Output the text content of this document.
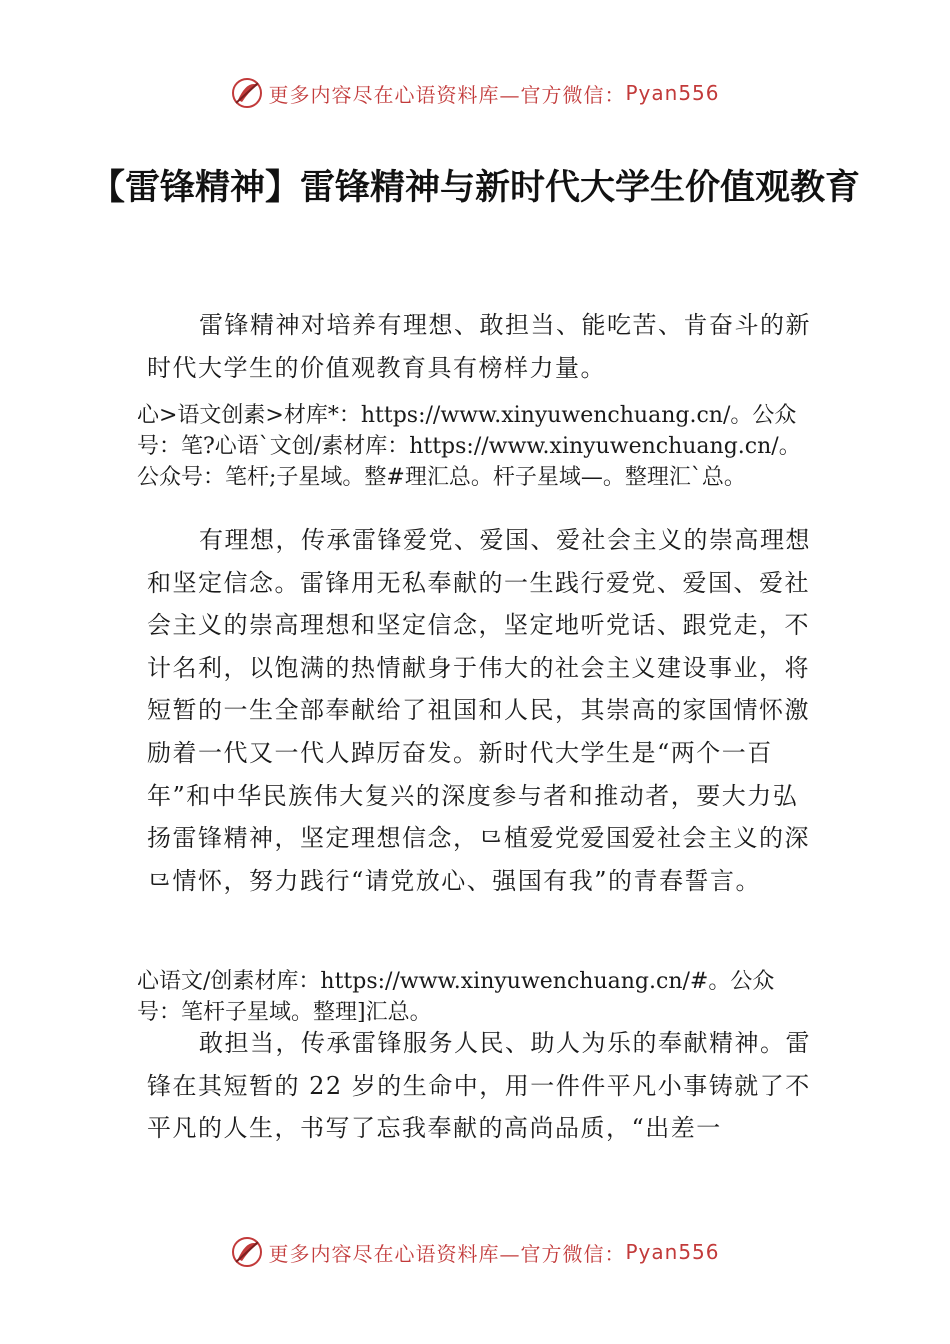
更多内容尽在心语资料库—官方微信： Pyan556
【雷锋精神】雷锋精神与新时代大学生价值观教育
雷锋精神对培养有理想、敢担当、能吃苦、肯奋斗的新时代大学生的价值观教育具有榜样力量。
心>语文创素>材库*：https://www.xinyuwenchuang.cn/。公众号：笔?心语`文创/素材库：https://www.xinyuwenchuang.cn/。公众号：笔杆;子星域。整#理汇总。杆子星域—。整理汇`总。
有理想，传承雷锋爱党、爱国、爱社会主义的崇高理想和坚定信念。雷锋用无私奉献的一生践行爱党、爱国、爱社会主义的崇高理想和坚定信念，坚定地听党话、跟党走，不计名利，以饱满的热情献身于伟大的社会主义建设事业，将短暂的一生全部奉献给了祖国和人民，其崇高的家国情怀激励着一代又一代人踔厉奋发。新时代大学生是“两个一百年”和中华民族伟大复兴的深度参与者和推动者，要大力弘扬雷锋精神，坚定理想信念，⺋植爱党爱国爱社会主义的深⺋情怀，努力践行“请党放心、强国有我”的青春誓言。
心语文/创素材库：https://www.xinyuwenchuang.cn/#。公众号：笔杆子星域。整理]汇总。
敢担当，传承雷锋服务人民、助人为乐的奉献精神。雷锋在其短暂的 22 岁的生命中，用一件件平凡小事铸就了不平凡的人生，书写了忘我奉献的高尚品质，“出差一
更多内容尽在心语资料库—官方微信： Pyan556
